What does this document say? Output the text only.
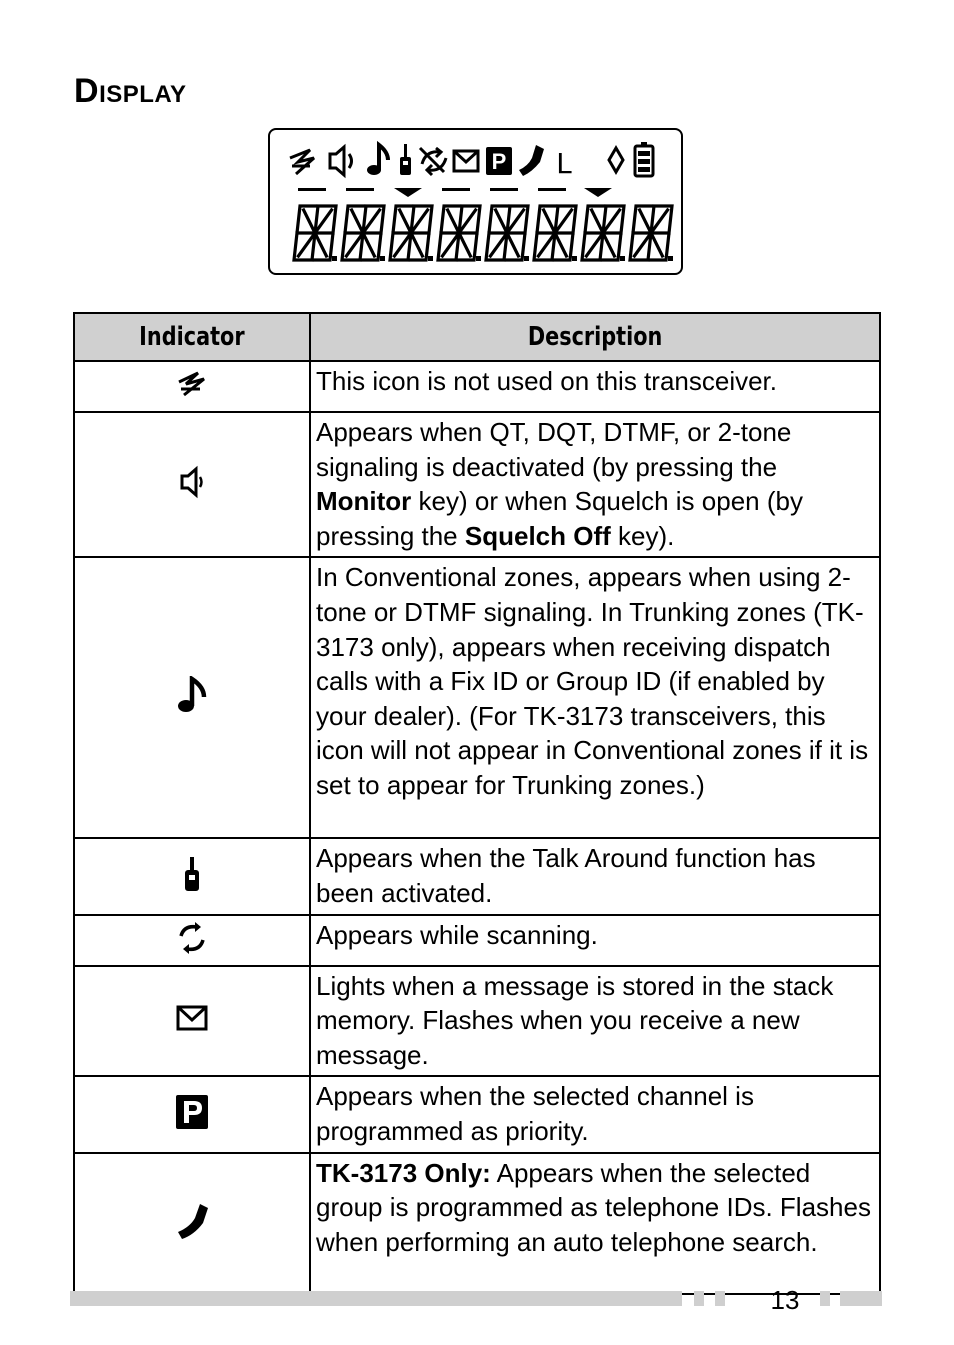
DISPLAY
P L
Indicator	Description
	This icon is not used on this transceiver.
	Appears when QT, DQT, DTMF, or 2-tone signaling is deactivated (by pressing the Monitor key) or when Squelch is open (by pressing the Squelch Off key).
	In Conventional zones, appears when using 2-tone or DTMF signaling. In Trunking zones (TK-3173 only), appears when receiving dispatch calls with a Fix ID or Group ID (if enabled by your dealer). (For TK-3173 transceivers, this icon will not appear in Conventional zones if it is set to appear for Trunking zones.)
	Appears when the Talk Around function has been activated.
	Appears while scanning.
	Lights when a message is stored in the stack memory. Flashes when you receive a new message.
	Appears when the selected channel is programmed as priority.
	TK-3173 Only: Appears when the selected group is programmed as telephone IDs. Flashes when performing an auto telephone search.
13
